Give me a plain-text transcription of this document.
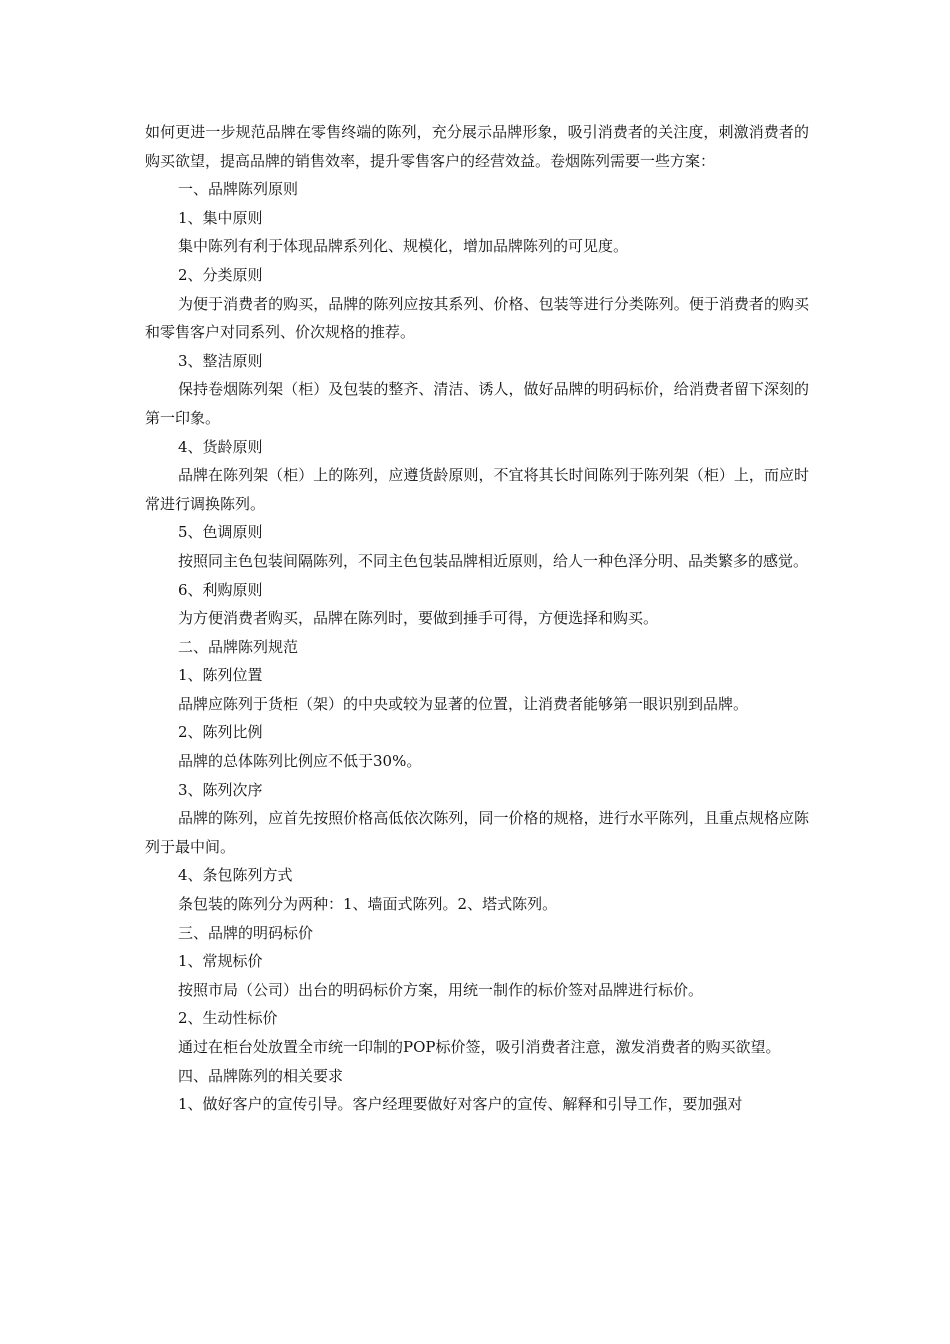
如何更进一步规范品牌在零售终端的陈列，充分展示品牌形象，吸引消费者的关注度，刺激消费者的购买欲望，提高品牌的销售效率，提升零售客户的经营效益。卷烟陈列需要一些方案：

一、品牌陈列原则

1、集中原则

集中陈列有利于体现品牌系列化、规模化，增加品牌陈列的可见度。

2、分类原则

为便于消费者的购买，品牌的陈列应按其系列、价格、包装等进行分类陈列。便于消费者的购买和零售客户对同系列、价次规格的推荐。

3、整洁原则

保持卷烟陈列架（柜）及包装的整齐、清洁、诱人，做好品牌的明码标价，给消费者留下深刻的第一印象。

4、货龄原则

品牌在陈列架（柜）上的陈列，应遵货龄原则，不宜将其长时间陈列于陈列架（柜）上，而应时常进行调换陈列。

5、色调原则

按照同主色包装间隔陈列，不同主色包装品牌相近原则，给人一种色泽分明、品类繁多的感觉。

6、利购原则

为方便消费者购买，品牌在陈列时，要做到捶手可得，方便选择和购买。

二、品牌陈列规范

1、陈列位置

品牌应陈列于货柜（架）的中央或较为显著的位置，让消费者能够第一眼识别到品牌。

2、陈列比例

品牌的总体陈列比例应不低于30%。

3、陈列次序

品牌的陈列，应首先按照价格高低依次陈列，同一价格的规格，进行水平陈列，且重点规格应陈列于最中间。

4、条包陈列方式

条包装的陈列分为两种：1、墙面式陈列。2、塔式陈列。

三、品牌的明码标价

1、常规标价

按照市局（公司）出台的明码标价方案，用统一制作的标价签对品牌进行标价。

2、生动性标价

通过在柜台处放置全市统一印制的POP标价签，吸引消费者注意，激发消费者的购买欲望。

四、品牌陈列的相关要求

1、做好客户的宣传引导。客户经理要做好对客户的宣传、解释和引导工作，要加强对
